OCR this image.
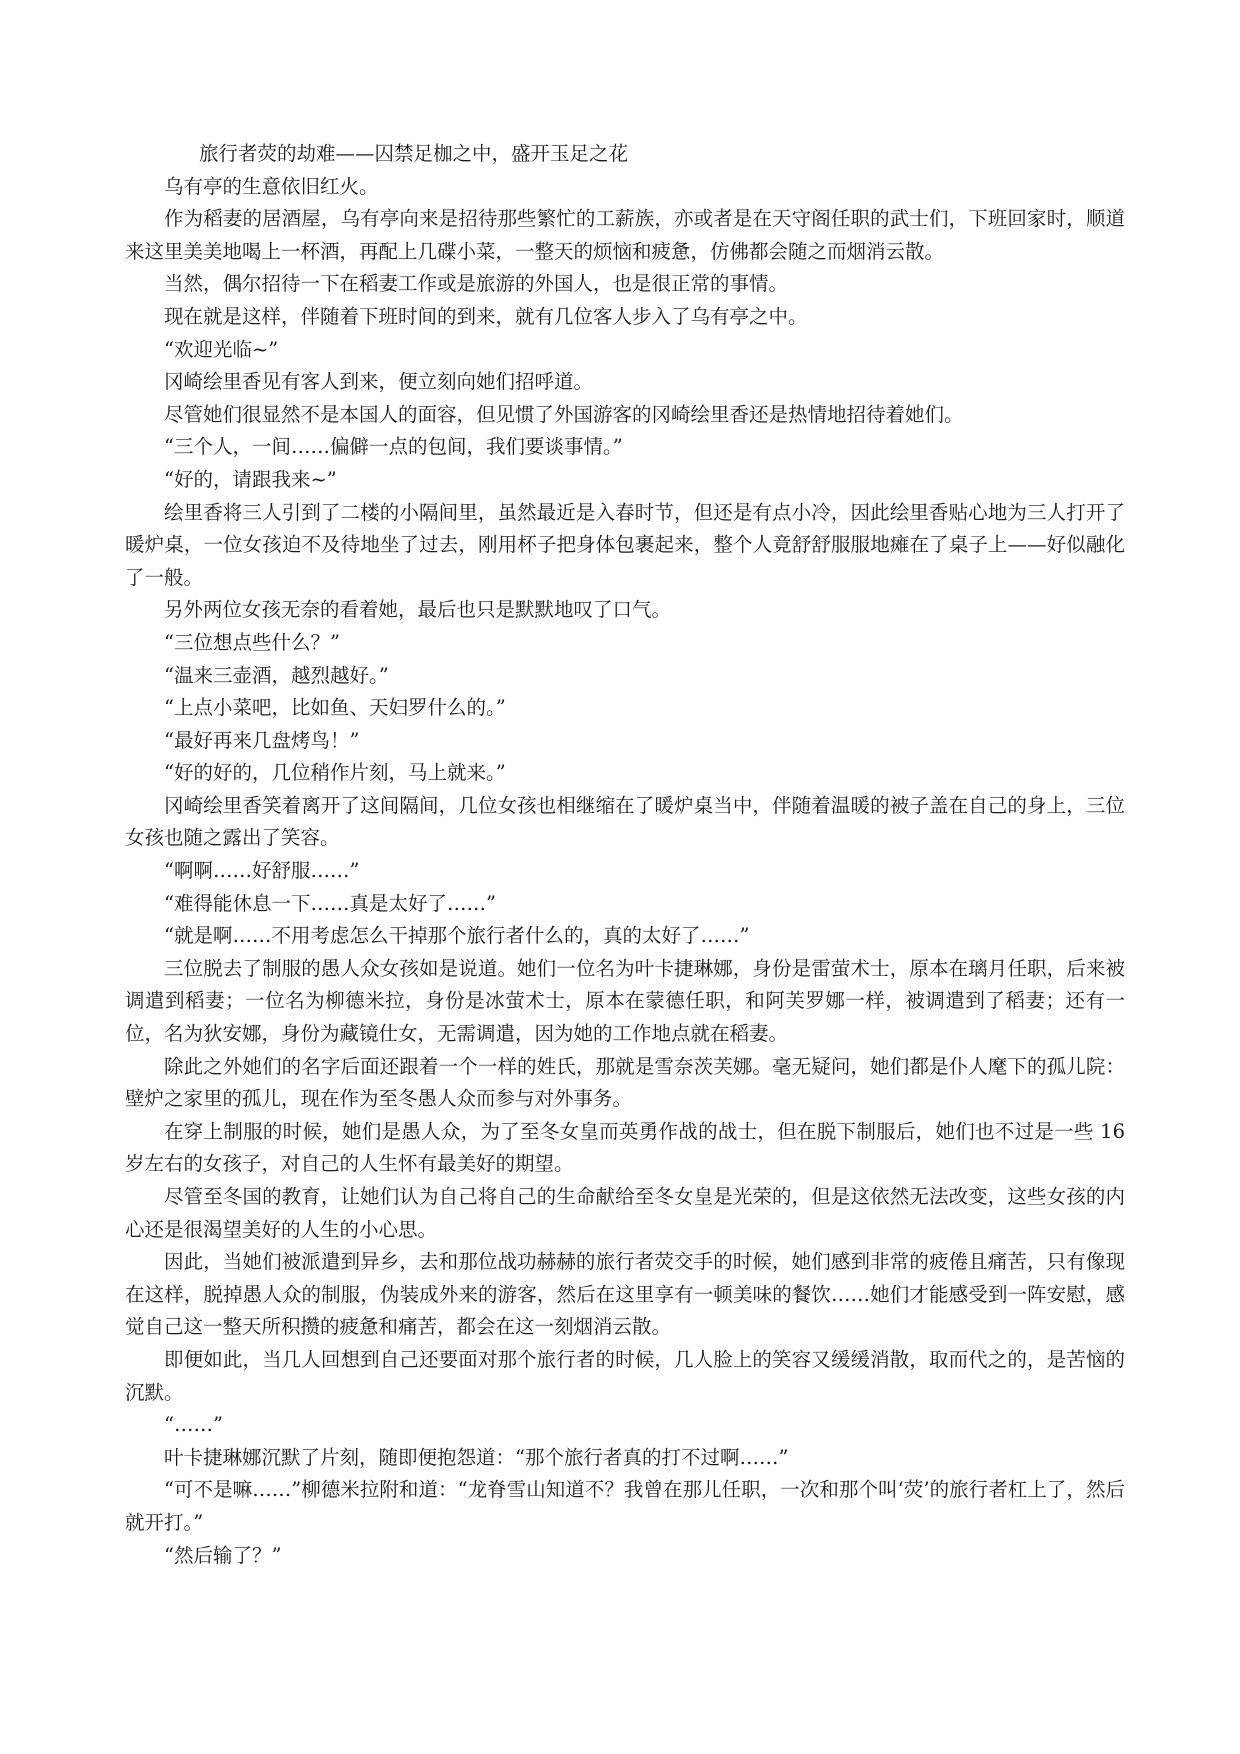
旅行者荧的劫难——囚禁足枷之中，盛开玉足之花

乌有亭的生意依旧红火。

作为稻妻的居酒屋，乌有亭向来是招待那些繁忙的工薪族，亦或者是在天守阁任职的武士们，下班回家时，顺道来这里美美地喝上一杯酒，再配上几碟小菜，一整天的烦恼和疲惫，仿佛都会随之而烟消云散。

当然，偶尔招待一下在稻妻工作或是旅游的外国人，也是很正常的事情。

现在就是这样，伴随着下班时间的到来，就有几位客人步入了乌有亭之中。

“欢迎光临~”

冈崎绘里香见有客人到来，便立刻向她们招呼道。

尽管她们很显然不是本国人的面容，但见惯了外国游客的冈崎绘里香还是热情地招待着她们。

“三个人，一间……偏僻一点的包间，我们要谈事情。”

“好的，请跟我来~”

绘里香将三人引到了二楼的小隔间里，虽然最近是入春时节，但还是有点小冷，因此绘里香贴心地为三人打开了暖炉桌，一位女孩迫不及待地坐了过去，刚用杯子把身体包裹起来，整个人竟舒舒服服地瘫在了桌子上——好似融化了一般。

另外两位女孩无奈的看着她，最后也只是默默地叹了口气。

“三位想点些什么？”

“温来三壶酒，越烈越好。”

“上点小菜吧，比如鱼、天妇罗什么的。”

“最好再来几盘烤鸟！”

“好的好的，几位稍作片刻，马上就来。”

冈崎绘里香笑着离开了这间隔间，几位女孩也相继缩在了暖炉桌当中，伴随着温暖的被子盖在自己的身上，三位女孩也随之露出了笑容。

“啊啊……好舒服……”

“难得能休息一下……真是太好了……”

“就是啊……不用考虑怎么干掉那个旅行者什么的，真的太好了……”

三位脱去了制服的愚人众女孩如是说道。她们一位名为叶卡捷琳娜，身份是雷萤术士，原本在璃月任职，后来被调遣到稻妻；一位名为柳德米拉，身份是冰萤术士，原本在蒙德任职，和阿芙罗娜一样，被调遣到了稻妻；还有一位，名为狄安娜，身份为藏镜仕女，无需调遣，因为她的工作地点就在稻妻。

除此之外她们的名字后面还跟着一个一样的姓氏，那就是雪奈茨芙娜。毫无疑问，她们都是仆人麾下的孤儿院：壁炉之家里的孤儿，现在作为至冬愚人众而参与对外事务。

在穿上制服的时候，她们是愚人众，为了至冬女皇而英勇作战的战士，但在脱下制服后，她们也不过是一些 16 岁左右的女孩子，对自己的人生怀有最美好的期望。

尽管至冬国的教育，让她们认为自己将自己的生命献给至冬女皇是光荣的，但是这依然无法改变，这些女孩的内心还是很渴望美好的人生的小心思。

因此，当她们被派遣到异乡，去和那位战功赫赫的旅行者荧交手的时候，她们感到非常的疲倦且痛苦，只有像现在这样，脱掉愚人众的制服，伪装成外来的游客，然后在这里享有一顿美味的餐饮……她们才能感受到一阵安慰，感觉自己这一整天所积攒的疲惫和痛苦，都会在这一刻烟消云散。

即便如此，当几人回想到自己还要面对那个旅行者的时候，几人脸上的笑容又缓缓消散，取而代之的，是苦恼的沉默。

“……”

叶卡捷琳娜沉默了片刻，随即便抱怨道：“那个旅行者真的打不过啊……”

“可不是嘛……”柳德米拉附和道：“龙脊雪山知道不？我曾在那儿任职，一次和那个叫‘荧’的旅行者杠上了，然后就开打。”

“然后输了？”
